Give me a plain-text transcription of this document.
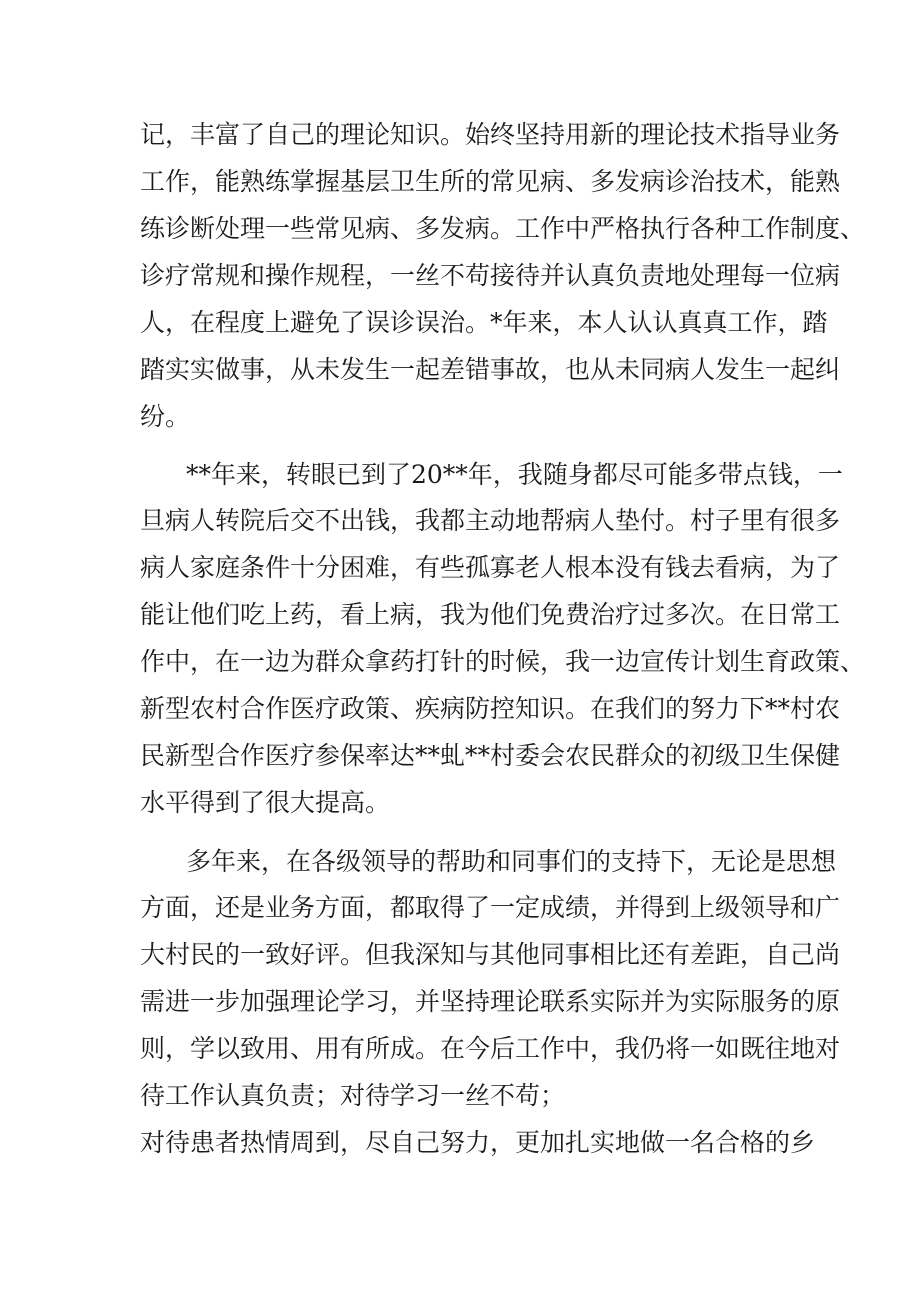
记，丰富了自己的理论知识。始终坚持用新的理论技术指导业务
工作，能熟练掌握基层卫生所的常见病、多发病诊治技术，能熟
练诊断处理一些常见病、多发病。工作中严格执行各种工作制度、
诊疗常规和操作规程，一丝不苟接待并认真负责地处理每一位病
人，在程度上避免了误诊误治。*年来，本人认认真真工作，踏
踏实实做事，从未发生一起差错事故，也从未同病人发生一起纠
纷。
**年来，转眼已到了20**年，我随身都尽可能多带点钱，一
旦病人转院后交不出钱，我都主动地帮病人垫付。村子里有很多
病人家庭条件十分困难，有些孤寡老人根本没有钱去看病，为了
能让他们吃上药，看上病，我为他们免费治疗过多次。在日常工
作中，在一边为群众拿药打针的时候，我一边宣传计划生育政策、
新型农村合作医疗政策、疾病防控知识。在我们的努力下**村农
民新型合作医疗参保率达**虬**村委会农民群众的初级卫生保健
水平得到了很大提高。
多年来，在各级领导的帮助和同事们的支持下，无论是思想
方面，还是业务方面，都取得了一定成绩，并得到上级领导和广
大村民的一致好评。但我深知与其他同事相比还有差距，自己尚
需进一步加强理论学习，并坚持理论联系实际并为实际服务的原
则，学以致用、用有所成。在今后工作中，我仍将一如既往地对
待工作认真负责；对待学习一丝不苟；
对待患者热情周到，尽自己努力，更加扎实地做一名合格的乡
